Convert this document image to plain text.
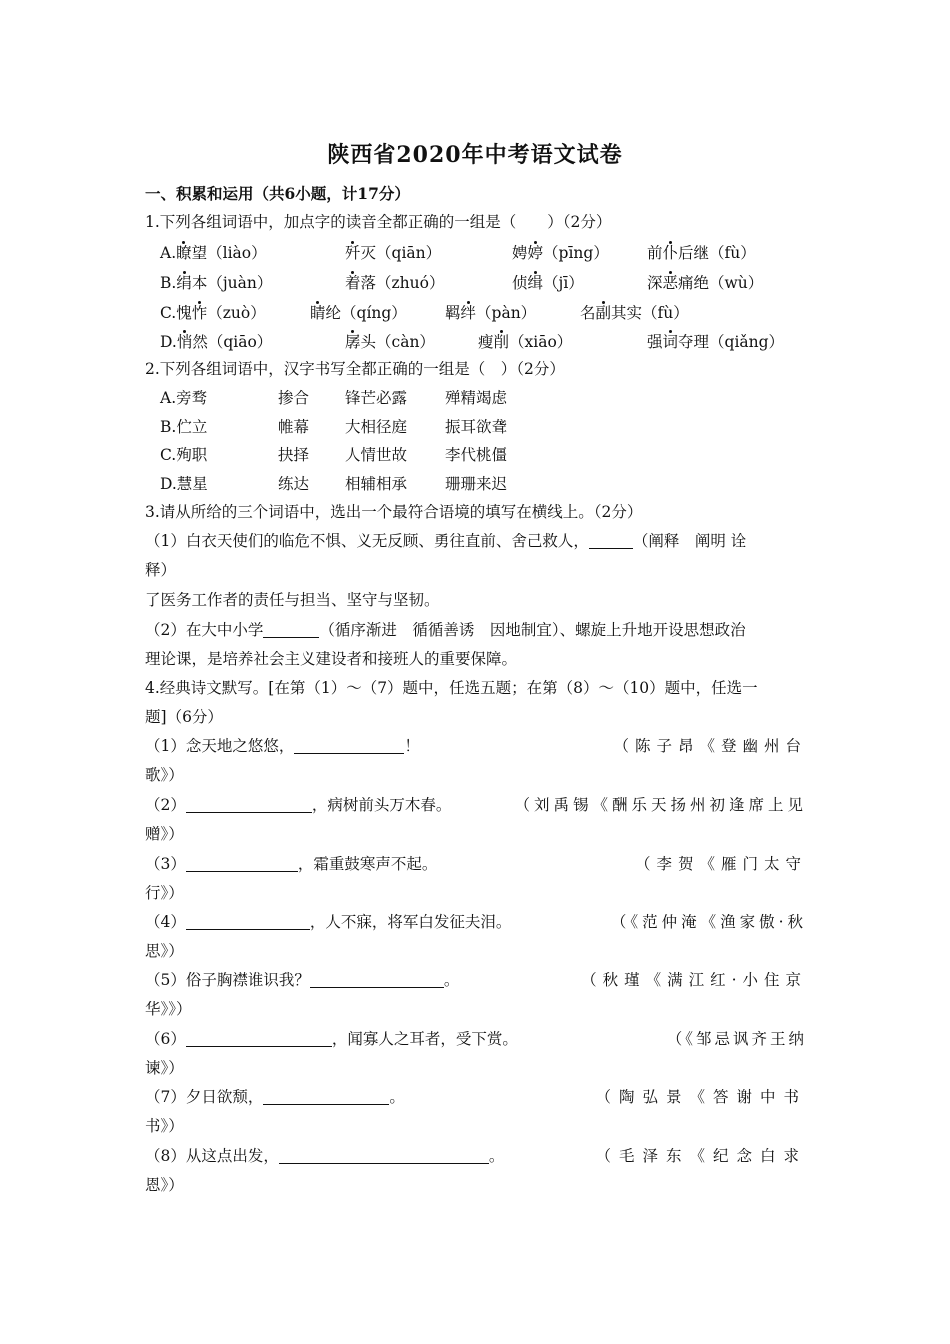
陕西省2020年中考语文试卷
一、积累和运用（共6小题，计17分）
1.下列各组词语中，加点字的读音全都正确的一组是（　　）（2分）
A.瞭望（liào）	歼灭（qiān）	娉婷（pīng） 前仆后继（fù）
B.绢本（juàn）	着落（zhuó）	侦缉（jī）	深恶痛绝（wù）
C.愧怍（zuò）	睛纶（qíng） 羁绊（pàn）	名副其实（fù）
D.悄然（qiāo）	孱头（càn）	瘦削（xiāo）	强词夺理（qiǎng）
2.下列各组词语中，汉字书写全都正确的一组是（　）（2分）
A.旁骛	掺合 锋芒必露 殚精竭虑
B.伫立	帷幕 大相径庭 振耳欲聋
C.殉职	抉择 人情世故 李代桃僵
D.慧星	练达 相辅相承 珊珊来迟
3.请从所给的三个词语中，选出一个最符合语境的填写在横线上。（2分）
（1）白衣天使们的临危不惧、义无反顾、勇往直前、舍己救人，	（阐释　阐明 诠
释）
了医务工作者的责任与担当、坚守与坚韧。
（2）在大中小学	（循序渐进　循循善诱　因地制宜）、螺旋上升地开设思想政治
理论课，是培养社会主义建设者和接班人的重要保障。
4.经典诗文默写。[在第（1）～（7）题中，任选五题；在第（8）～（10）题中，任选一
题]（6分）
（1）念天地之悠悠，	！	（陈子昂《登幽州台
歌》）
（2）	，病树前头万木春。	（刘禹锡《酬乐天扬州初逢席上见
赠》）
（3）	，霜重鼓寒声不起。	（李贺《雁门太守
行》）
（4）	，人不寐，将军白发征夫泪。	（《范仲淹《渔家傲·秋
思》）
（5）俗子胸襟谁识我？	。	（秋瑾《满江红·小住京
华》》）
（6）	，闻寡人之耳者，受下赏。	（《邹忌讽齐王纳
谏》）
（7）夕日欲颓，	。	（陶弘景《答谢中书
书》）
（8）从这点出发，	。	（毛泽东《纪念白求
恩》）
